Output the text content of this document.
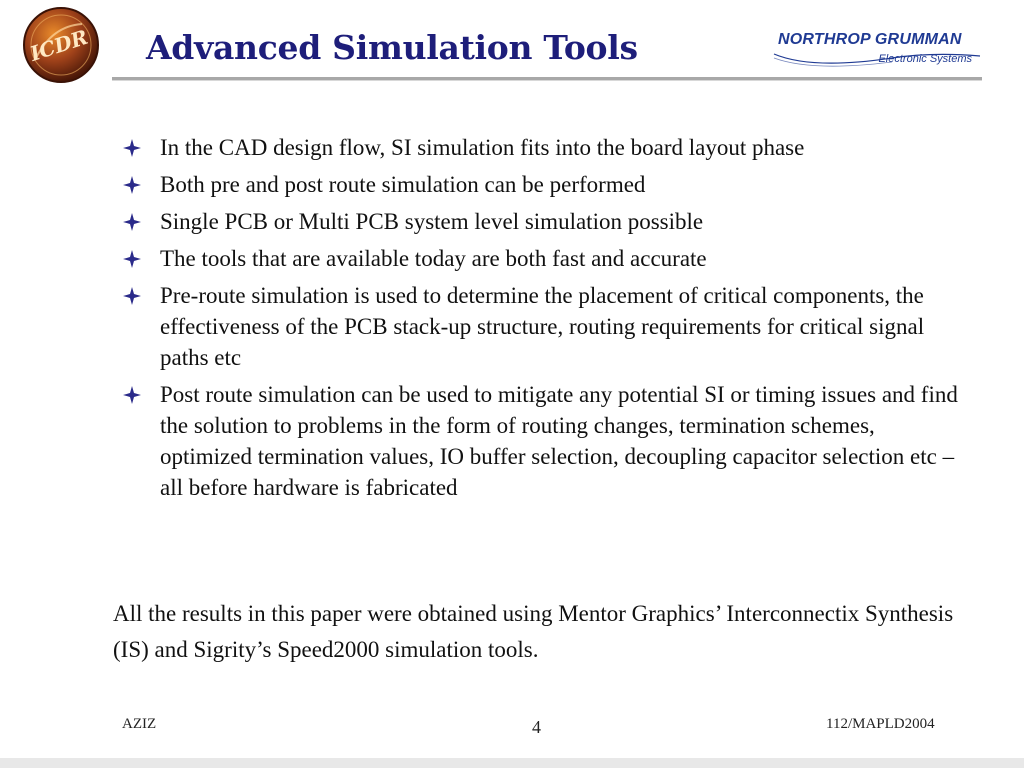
ICDR Advanced Simulation Tools	NORTHROP GRUMMAN
Electronic Systems
In the CAD design flow, SI simulation fits into the board layout phase
Both pre and post route simulation can be performed
Single PCB or Multi PCB system level simulation possible
The tools that are available today are both fast and accurate
Pre-route simulation is used to determine the placement of critical components, the effectiveness of the PCB stack-up structure, routing requirements for critical signal paths etc
Post route simulation can be used to mitigate any potential SI or timing issues and find the solution to problems in the form of routing changes, termination schemes, optimized termination values, IO buffer selection, decoupling capacitor selection etc – all before hardware is fabricated
All the results in this paper were obtained using Mentor Graphics’ Interconnectix Synthesis (IS) and Sigrity’s Speed2000 simulation tools.
AZIZ	4	112/MAPLD2004
